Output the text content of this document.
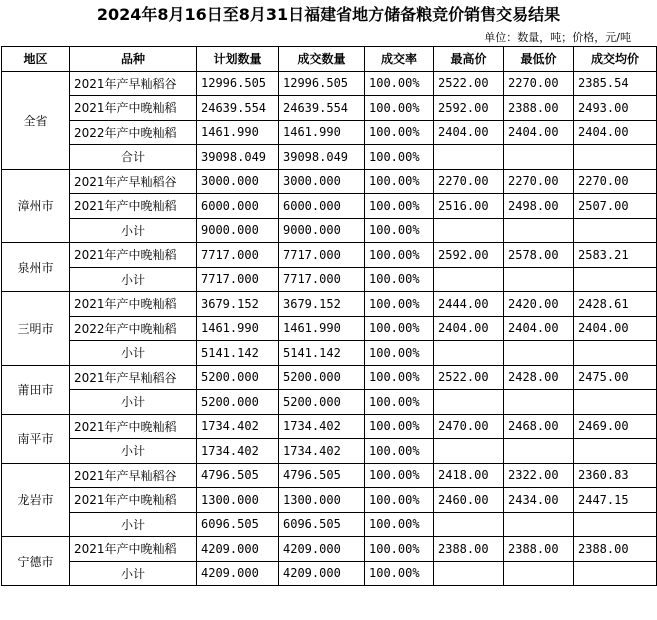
2024年8月16日至8月31日福建省地方储备粮竞价销售交易结果
单位：数量，吨；价格，元/吨
地区	品种	计划数量	成交数量	成交率	最高价	最低价	成交均价
全省	2021年产早籼稻谷	12996.505	12996.505	100.00%	2522.00	2270.00	2385.54
	2021年产中晚籼稻	24639.554	24639.554	100.00%	2592.00	2388.00	2493.00
	2022年产中晚籼稻	1461.990	1461.990	100.00%	2404.00	2404.00	2404.00
	合计	39098.049	39098.049	100.00%			
漳州市	2021年产早籼稻谷	3000.000	3000.000	100.00%	2270.00	2270.00	2270.00
	2021年产中晚籼稻	6000.000	6000.000	100.00%	2516.00	2498.00	2507.00
	小计	9000.000	9000.000	100.00%			
泉州市	2021年产中晚籼稻	7717.000	7717.000	100.00%	2592.00	2578.00	2583.21
	小计	7717.000	7717.000	100.00%			
三明市	2021年产中晚籼稻	3679.152	3679.152	100.00%	2444.00	2420.00	2428.61
	2022年产中晚籼稻	1461.990	1461.990	100.00%	2404.00	2404.00	2404.00
	小计	5141.142	5141.142	100.00%			
莆田市	2021年产早籼稻谷	5200.000	5200.000	100.00%	2522.00	2428.00	2475.00
	小计	5200.000	5200.000	100.00%			
南平市	2021年产中晚籼稻	1734.402	1734.402	100.00%	2470.00	2468.00	2469.00
	小计	1734.402	1734.402	100.00%			
龙岩市	2021年产早籼稻谷	4796.505	4796.505	100.00%	2418.00	2322.00	2360.83
	2021年产中晚籼稻	1300.000	1300.000	100.00%	2460.00	2434.00	2447.15
	小计	6096.505	6096.505	100.00%			
宁德市	2021年产中晚籼稻	4209.000	4209.000	100.00%	2388.00	2388.00	2388.00
	小计	4209.000	4209.000	100.00%			
